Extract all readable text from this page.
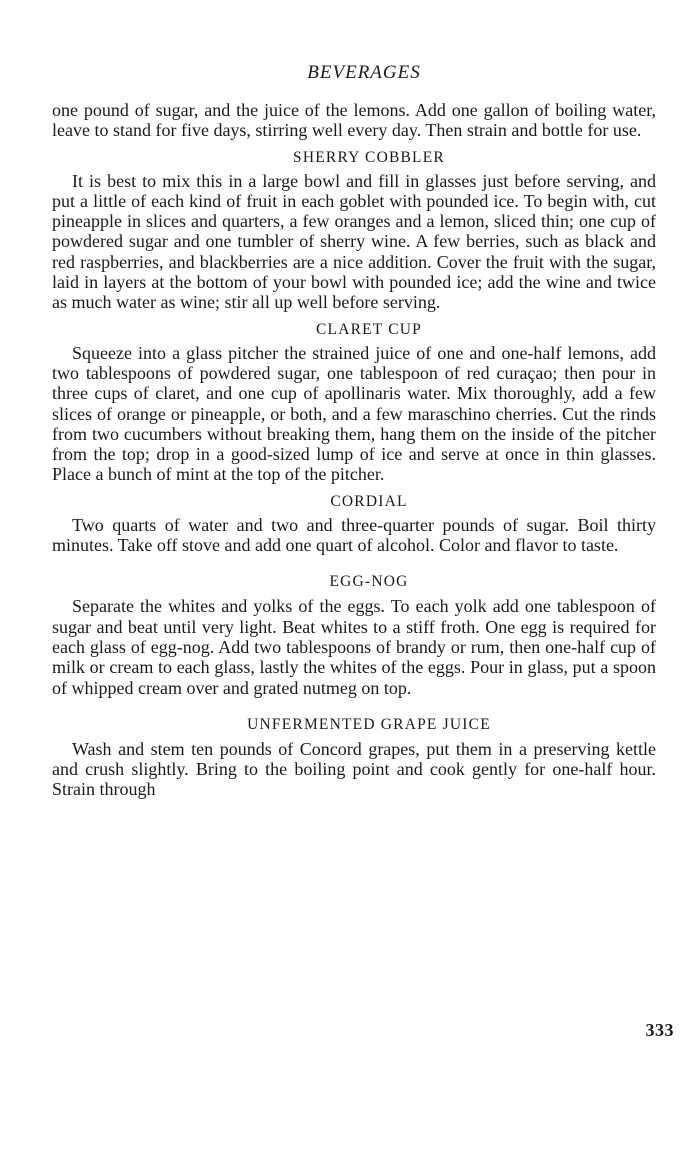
BEVERAGES

one pound of sugar, and the juice of the lemons. Add one gallon of boiling water, leave to stand for five days, stirring well every day. Then strain and bottle for use.

SHERRY COBBLER

It is best to mix this in a large bowl and fill in glasses just before serving, and put a little of each kind of fruit in each goblet with pounded ice. To begin with, cut pineapple in slices and quarters, a few oranges and a lemon, sliced thin; one cup of powdered sugar and one tumbler of sherry wine. A few berries, such as black and red raspberries, and blackberries are a nice addition. Cover the fruit with the sugar, laid in layers at the bottom of your bowl with pounded ice; add the wine and twice as much water as wine; stir all up well before serving.

CLARET CUP

Squeeze into a glass pitcher the strained juice of one and one-half lemons, add two tablespoons of powdered sugar, one tablespoon of red curaçao; then pour in three cups of claret, and one cup of apollinaris water. Mix thoroughly, add a few slices of orange or pineapple, or both, and a few maraschino cherries. Cut the rinds from two cucumbers without breaking them, hang them on the inside of the pitcher from the top; drop in a good-sized lump of ice and serve at once in thin glasses. Place a bunch of mint at the top of the pitcher.

CORDIAL

Two quarts of water and two and three-quarter pounds of sugar. Boil thirty minutes. Take off stove and add one quart of alcohol. Color and flavor to taste.

EGG-NOG

Separate the whites and yolks of the eggs. To each yolk add one tablespoon of sugar and beat until very light. Beat whites to a stiff froth. One egg is required for each glass of egg-nog. Add two tablespoons of brandy or rum, then one-half cup of milk or cream to each glass, lastly the whites of the eggs. Pour in glass, put a spoon of whipped cream over and grated nutmeg on top.

UNFERMENTED GRAPE JUICE

Wash and stem ten pounds of Concord grapes, put them in a preserving kettle and crush slightly. Bring to the boiling point and cook gently for one-half hour. Strain through

333
